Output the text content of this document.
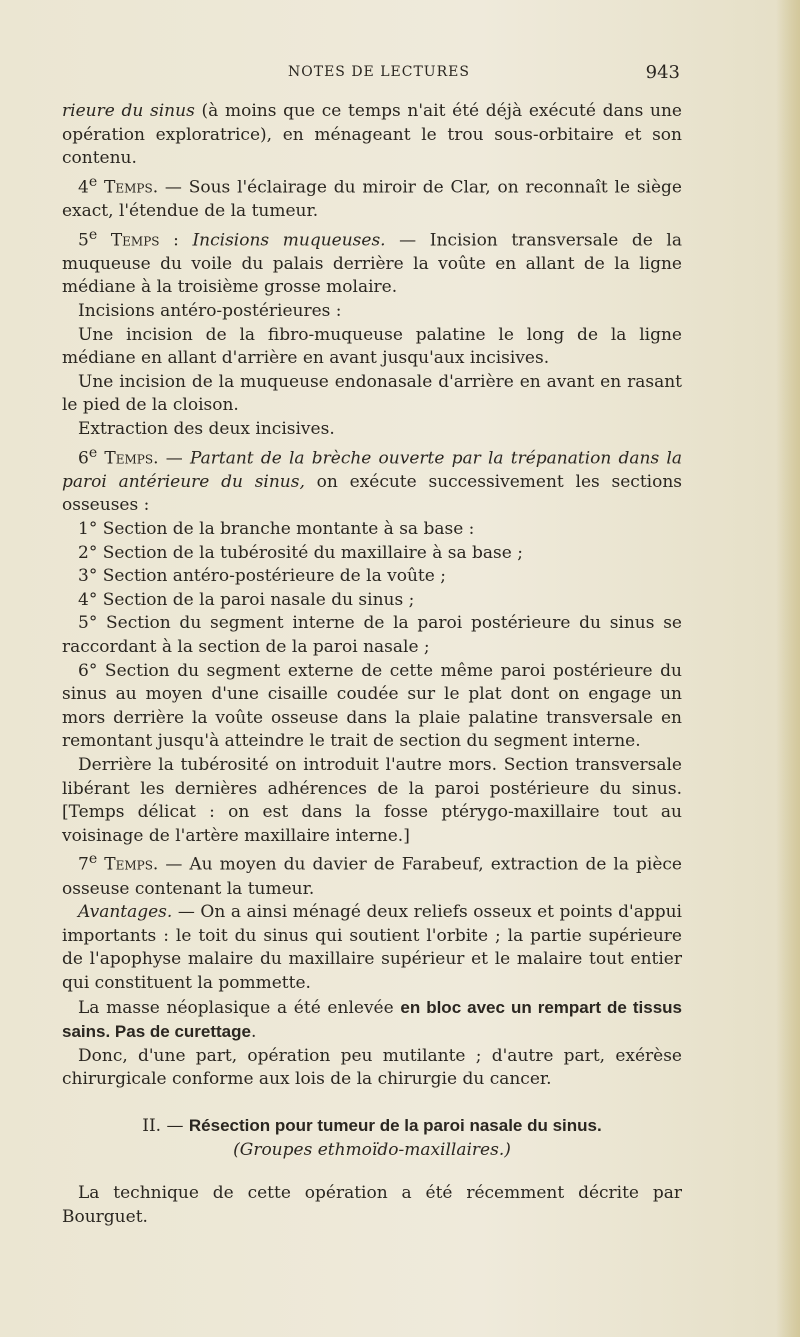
NOTES DE LECTURES	943

rieure du sinus (à moins que ce temps n'ait été déjà exécuté dans une opération exploratrice), en ménageant le trou sous-orbitaire et son contenu.

4e Temps. — Sous l'éclairage du miroir de Clar, on reconnaît le siège exact, l'étendue de la tumeur.

5e Temps : Incisions muqueuses. — Incision transversale de la muqueuse du voile du palais derrière la voûte en allant de la ligne médiane à la troisième grosse molaire.

Incisions antéro-postérieures :

Une incision de la fibro-muqueuse palatine le long de la ligne médiane en allant d'arrière en avant jusqu'aux incisives.

Une incision de la muqueuse endonasale d'arrière en avant en rasant le pied de la cloison.

Extraction des deux incisives.

6e Temps. — Partant de la brèche ouverte par la trépanation dans la paroi antérieure du sinus, on exécute successivement les sections osseuses :

1° Section de la branche montante à sa base :

2° Section de la tubérosité du maxillaire à sa base ;

3° Section antéro-postérieure de la voûte ;

4° Section de la paroi nasale du sinus ;

5° Section du segment interne de la paroi postérieure du sinus se raccordant à la section de la paroi nasale ;

6° Section du segment externe de cette même paroi postérieure du sinus au moyen d'une cisaille coudée sur le plat dont on engage un mors derrière la voûte osseuse dans la plaie palatine transversale en remontant jusqu'à atteindre le trait de section du segment interne.

Derrière la tubérosité on introduit l'autre mors. Section transversale libérant les dernières adhérences de la paroi postérieure du sinus. [Temps délicat : on est dans la fosse ptérygo-maxillaire tout au voisinage de l'artère maxillaire interne.]

7e Temps. — Au moyen du davier de Farabeuf, extraction de la pièce osseuse contenant la tumeur.

Avantages. — On a ainsi ménagé deux reliefs osseux et points d'appui importants : le toit du sinus qui soutient l'orbite ; la partie supérieure de l'apophyse malaire du maxillaire supérieur et le malaire tout entier qui constituent la pommette.

La masse néoplasique a été enlevée en bloc avec un rempart de tissus sains. Pas de curettage.

Donc, d'une part, opération peu mutilante ; d'autre part, exérèse chirurgicale conforme aux lois de la chirurgie du cancer.

II. — Résection pour tumeur de la paroi nasale du sinus.
(Groupes ethmoïdo-maxillaires.)

La technique de cette opération a été récemment décrite par Bourguet.
